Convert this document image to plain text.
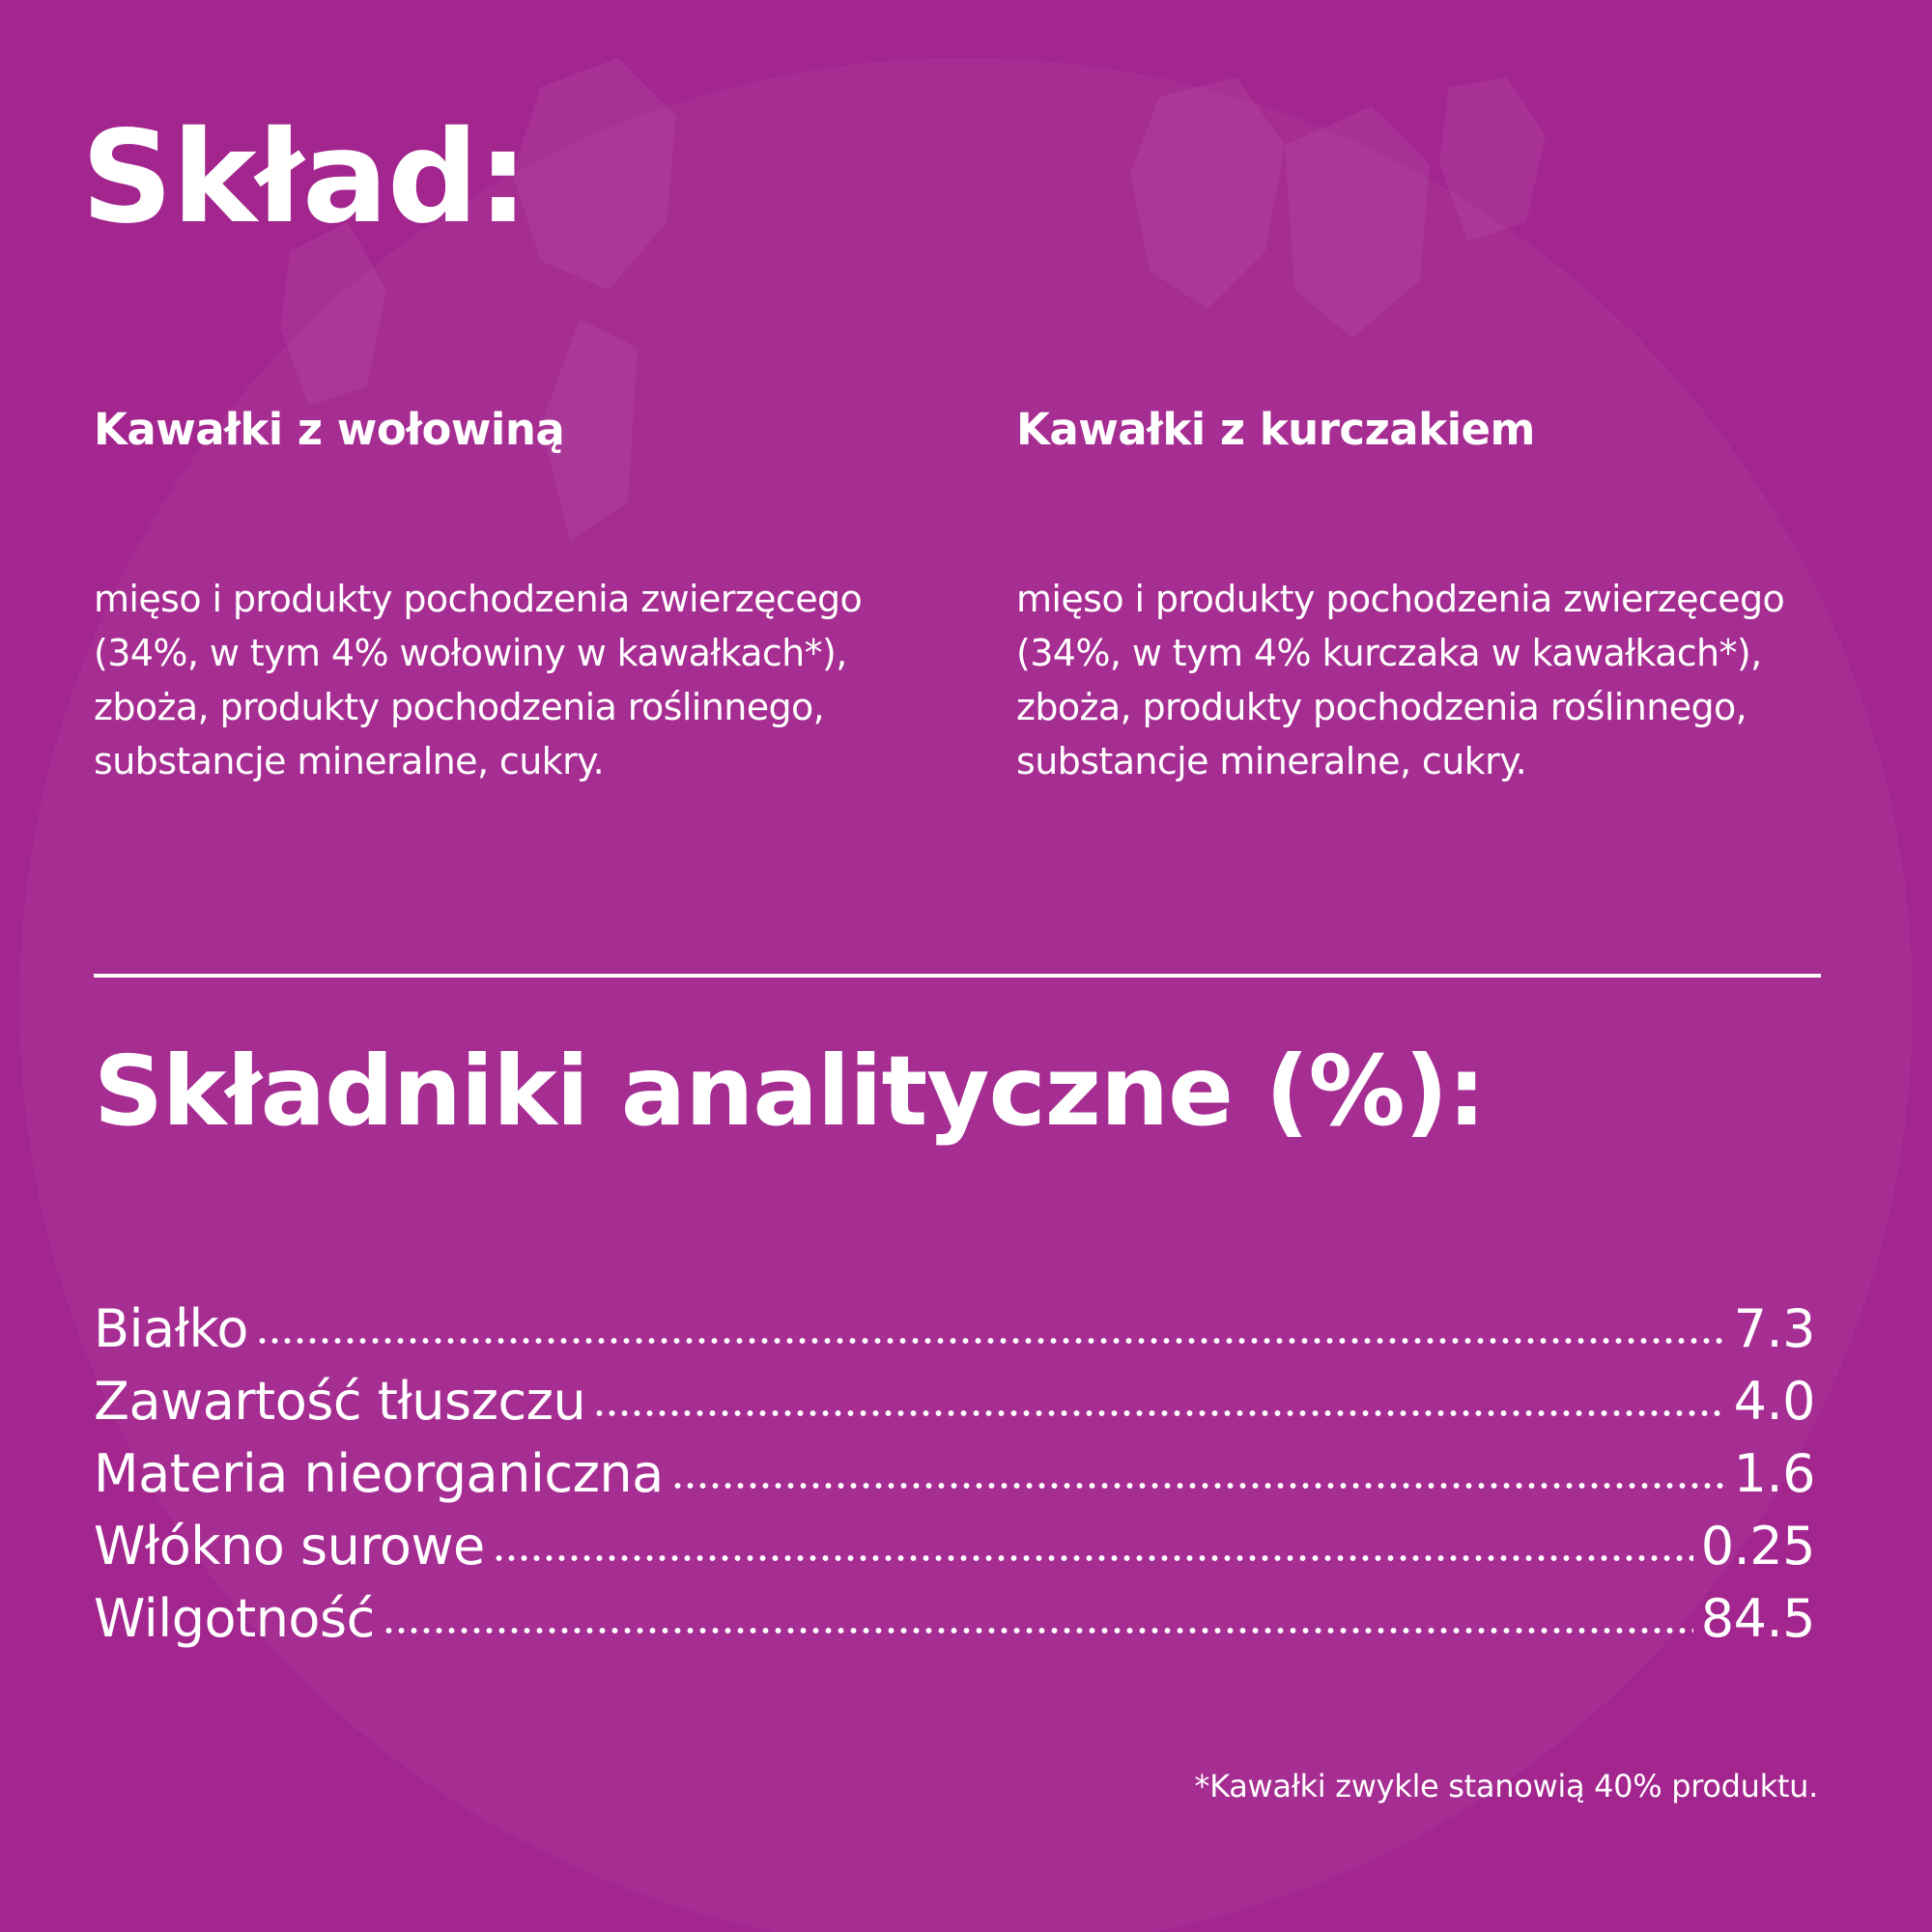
Skład:
Kawałki z wołowiną

mięso i produkty pochodzenia zwierzęcego
(34%, w tym 4% wołowiny w kawałkach*),
zboża, produkty pochodzenia roślinnego,
substancje mineralne, cukry.

Kawałki z kurczakiem

mięso i produkty pochodzenia zwierzęcego
(34%, w tym 4% kurczaka w kawałkach*),
zboża, produkty pochodzenia roślinnego,
substancje mineralne, cukry.

Składniki analityczne (%):
Białko	7.3
Zawartość tłuszczu	4.0
Materia nieorganiczna	1.6
Włókno surowe	0.25
Wilgotność	84.5

*Kawałki zwykle stanowią 40% produktu.
